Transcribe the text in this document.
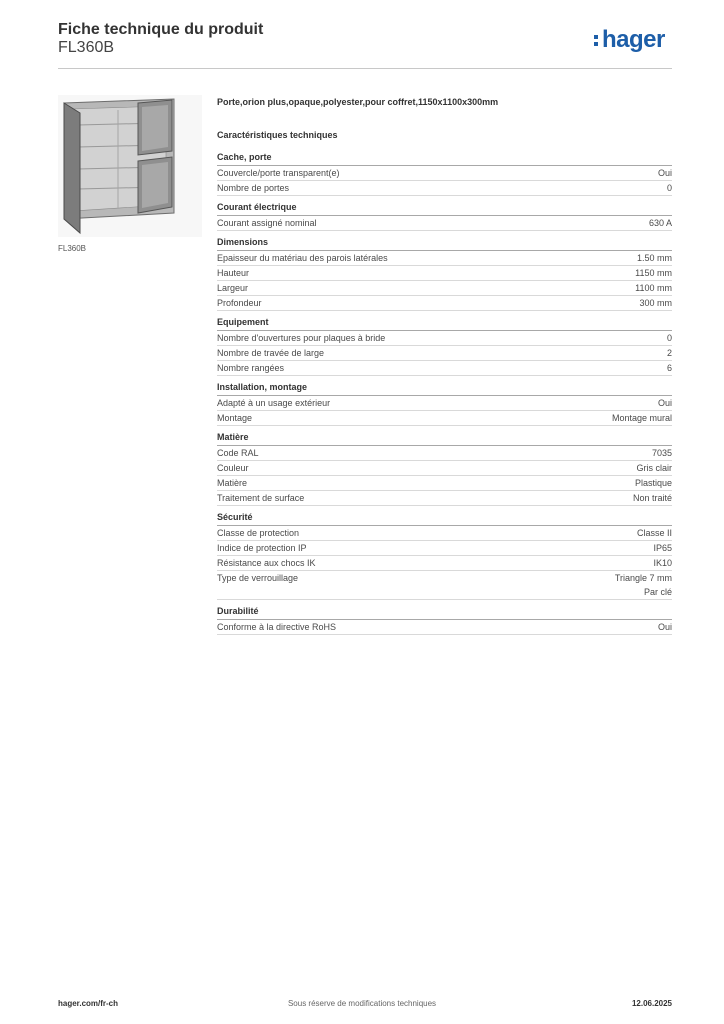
Fiche technique du produit
FL360B	hager
FL360B
Porte,orion plus,opaque,polyester,pour coffret,1150x1100x300mm
Caractéristiques techniques
Cache, porte
Couvercle/porte transparent(e)	Oui
Nombre de portes	0
Courant électrique
Courant assigné nominal	630 A
Dimensions
Epaisseur du matériau des parois latérales	1.50 mm
Hauteur	1150 mm
Largeur	1100 mm
Profondeur	300 mm
Equipement
Nombre d'ouvertures pour plaques à bride	0
Nombre de travée de large	2
Nombre rangées	6
Installation, montage
Adapté à un usage extérieur	Oui
Montage	Montage mural
Matière
Code RAL	7035
Couleur	Gris clair
Matière	Plastique
Traitement de surface	Non traité
Sécurité
Classe de protection	Classe II
Indice de protection IP	IP65
Résistance aux chocs IK	IK10
Type de verrouillage	Triangle 7 mm
Par clé
Durabilité
Conforme à la directive RoHS	Oui
hager.com/fr-ch	Sous réserve de modifications techniques	12.06.2025
